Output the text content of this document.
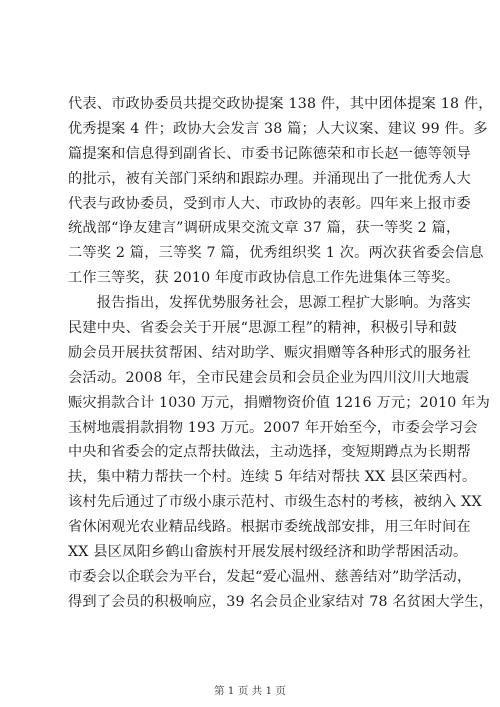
代表、市政协委员共提交政协提案 138 件，其中团体提案 18 件，
优秀提案 4 件；政协大会发言 38 篇；人大议案、建议 99 件。多
篇提案和信息得到副省长、市委书记陈德荣和市长赵一德等领导
的批示，被有关部门采纳和跟踪办理。并涌现出了一批优秀人大
代表与政协委员，受到市人大、市政协的表彰。四年来上报市委
统战部“诤友建言”调研成果交流文章 37 篇，获一等奖 2 篇，
二等奖 2 篇，三等奖 7 篇，优秀组织奖 1 次。两次获省委会信息
工作三等奖，获 2010 年度市政协信息工作先进集体三等奖。
　　报告指出，发挥优势服务社会，思源工程扩大影响。为落实
民建中央、省委会关于开展“思源工程”的精神，积极引导和鼓
励会员开展扶贫帮困、结对助学、赈灾捐赠等各种形式的服务社
会活动。2008 年，全市民建会员和会员企业为四川汶川大地震
赈灾捐款合计 1030 万元，捐赠物资价值 1216 万元；2010 年为
玉树地震捐款捐物 193 万元。2007 年开始至今，市委会学习会
中央和省委会的定点帮扶做法，主动选择，变短期蹲点为长期帮
扶，集中精力帮扶一个村。连续 5 年结对帮扶 XX 县区荣西村。
该村先后通过了市级小康示范村、市级生态村的考核，被纳入 XX
省休闲观光农业精品线路。根据市委统战部安排，用三年时间在
XX 县区凤阳乡鹤山畲族村开展发展村级经济和助学帮困活动。
市委会以企联会为平台，发起“爱心温州、慈善结对”助学活动，
得到了会员的积极响应，39 名会员企业家结对 78 名贫困大学生，
第 1 页 共 1 页
